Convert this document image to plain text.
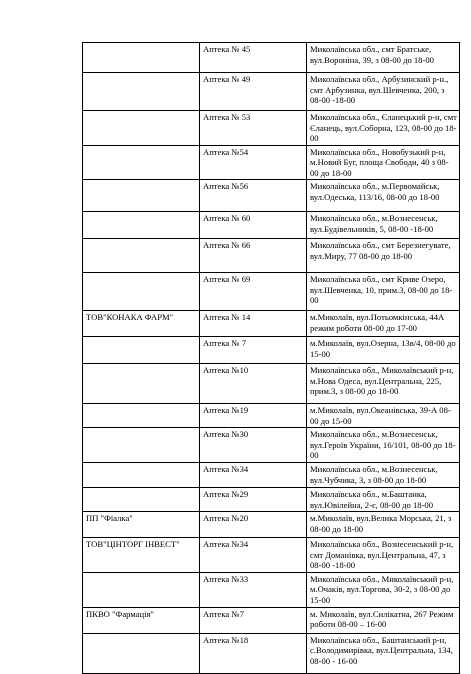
	Аптека № 45	Миколаївська обл., смт Братське, вул.Вороніна, 39, з 08-00 до 18-00
	Аптека № 49	Миколаївська обл., Арбузинский р-н., смт Арбузинка, вул.Шевченка, 200, з 08-00 -18-00
	Аптека № 53	Миколаївська обл., Єланецький р-н, смт Єланець, вул.Соборна, 123, 08-00 до 18-00
	Аптека №54	Миколаївська обл., Новобузький р-н, м.Новий Буг, площа Свободи, 40 з 08-00 до 18-00
	Аптека №56	Миколаївська обл., м.Первомайськ, вул.Одеська, 113/16, 08-00 до 18-00
	Аптека № 60	Миколаївська обл., м.Вознесенськ, вул.Будівельників, 5, 08-00 -18-00
	Аптека № 66	Миколаївська обл., смт Березнегувате, вул.Миру, 77 08-00 до 18-00
	Аптека № 69	Миколаївська обл., смт Криве Озеро, вул.Шевченка, 10, прим.3, 08-00 до 18-00
ТОВ"КОНАКА ФАРМ"	Аптека № 14	м.Миколаїв, вул.Потьомкінська, 44А режим роботи 08-00 до 17-00
	Аптека № 7	м.Миколаїв, вул.Озерна, 13в/4, 08-00 до 15-00
	Аптека №10	Миколаївська обл., Миколаївський р-н, м.Нова Одеса, вул.Центральна, 225, прим.3, з 08-00 до 18-00
	Аптека №19	м.Миколаїв, вул.Океанівська, 39-А 08-00 до 15-00
	Аптека №30	Миколаївська обл., м.Вознесенськ, вул.Героїв України, 16/101, 08-00 до 18-00
	Аптека №34	Миколаївська обл., м.Вознесенськ, вул.Чубчика, 3, з 08-00 до 18-00
	Аптека №29	Миколаївська обл., м.Баштанка, вул.Ювілейна, 2-є, 08-00 до 18-00
ПП "Фіалка"	Аптека №20	м.Миколаїв, вул.Велика Морська, 21, з 08-00 до 18-00
ТОВ"ЦІНТОРГ ІНВЕСТ"	Аптека №34	Миколаївська обл., Вознесенський р-н, смт Доманівка, вул.Центральна, 47, з 08-00 -18-00
	Аптека №33	Миколаївська обл., Миколаївський р-н, м.Очаків, вул.Торгова, 30-2, з 08-00 до 15-00
ПКВО "Фармація"	Аптека №7	м. Миколаїв, вул.Силікатна, 267 Режим роботи 08-00 – 16-00
	Аптека №18	Миколаївська обл., Баштанський р-н, с.Володимирівка, вул.Центральна, 134, 08-00 - 16-00
